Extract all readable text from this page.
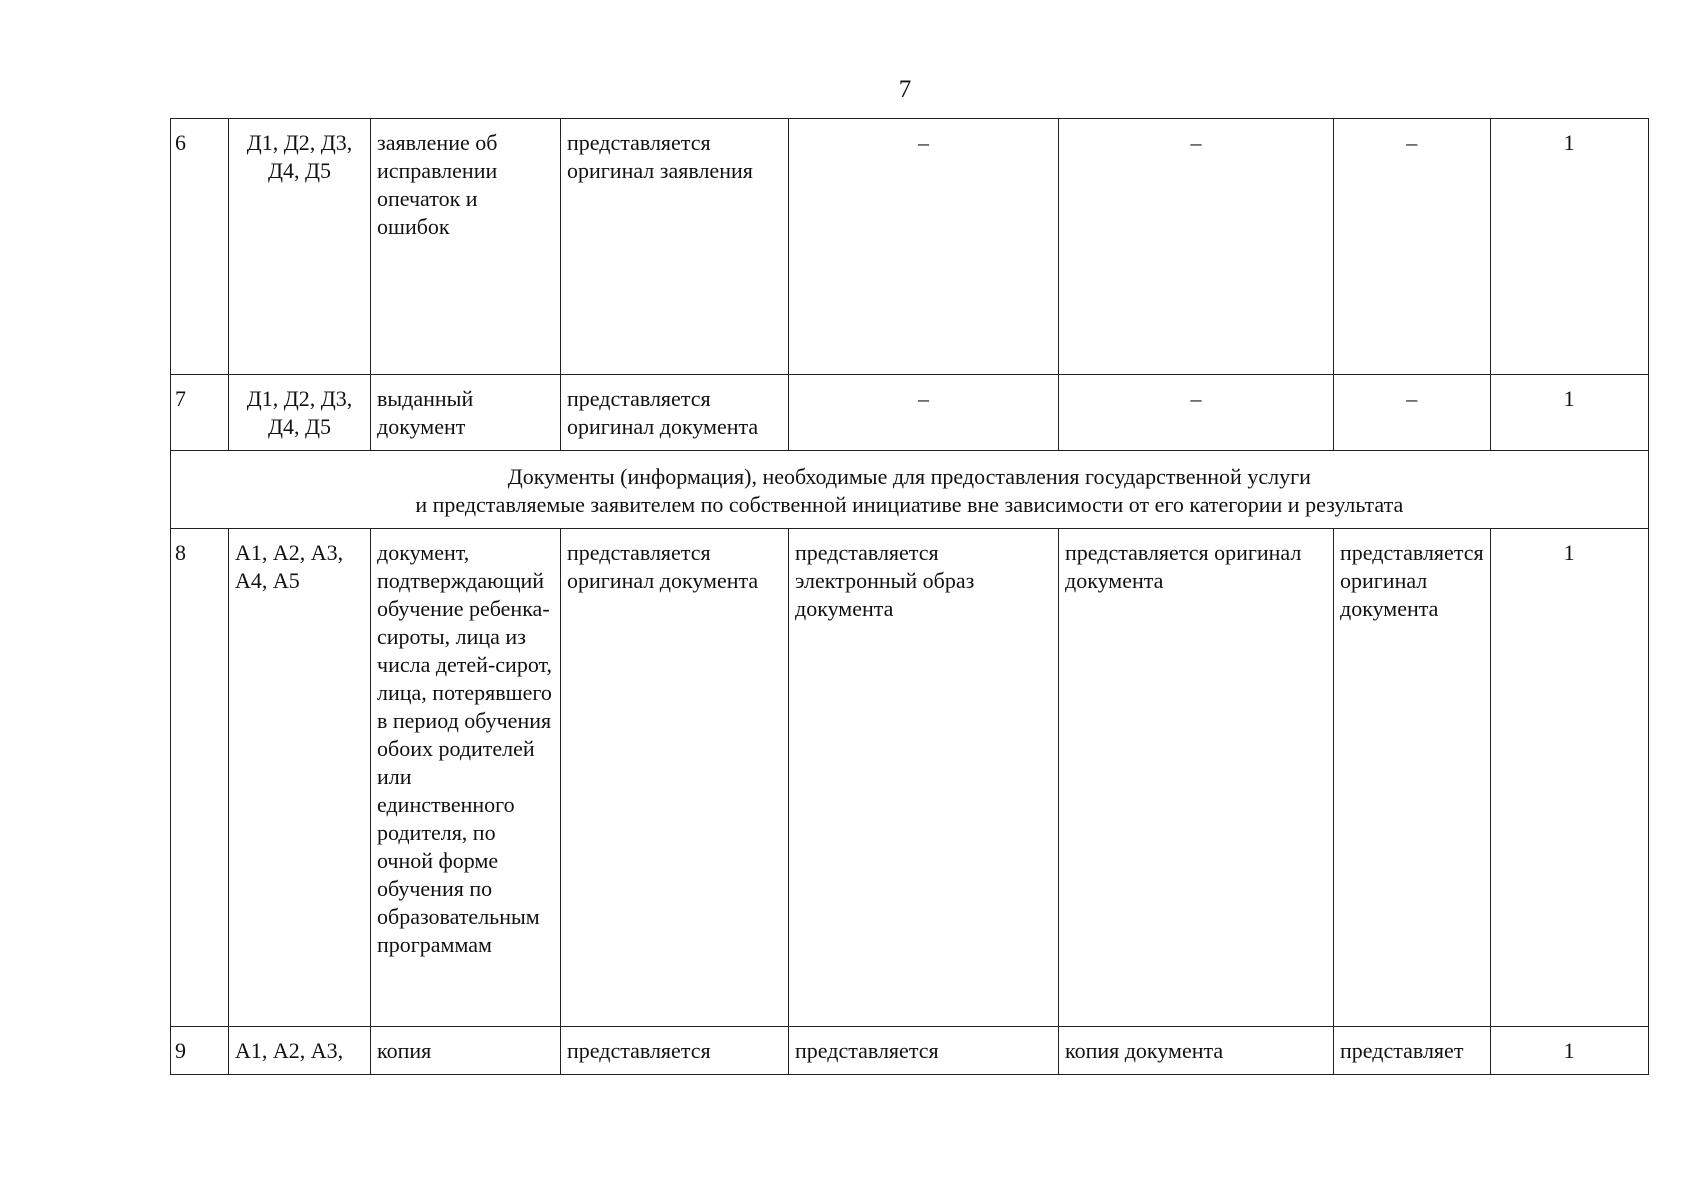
7
6	Д1, Д2, Д3, Д4, Д5	заявление об исправлении опечаток и ошибок	представляется оригинал заявления	–	–	–	1
7	Д1, Д2, Д3, Д4, Д5	выданный документ	представляется оригинал документа	–	–	–	1

Документы (информация), необходимые для предоставления государственной услуги
и представляемые заявителем по собственной инициативе вне зависимости от его категории и результата							

8	А1, А2, А3, А4, А5	документ, подтверждающий обучение ребенка-сироты, лица из числа детей-сирот, лица, потерявшего в период обучения обоих родителей или единственного родителя, по очной форме обучения по образовательным программам	представляется оригинал документа	представляется электронный образ документа	представляется оригинал документа	представляется оригинал документа	1
9	А1, А2, А3,	копия	представляется	представляется	копия документа	представляет	1
